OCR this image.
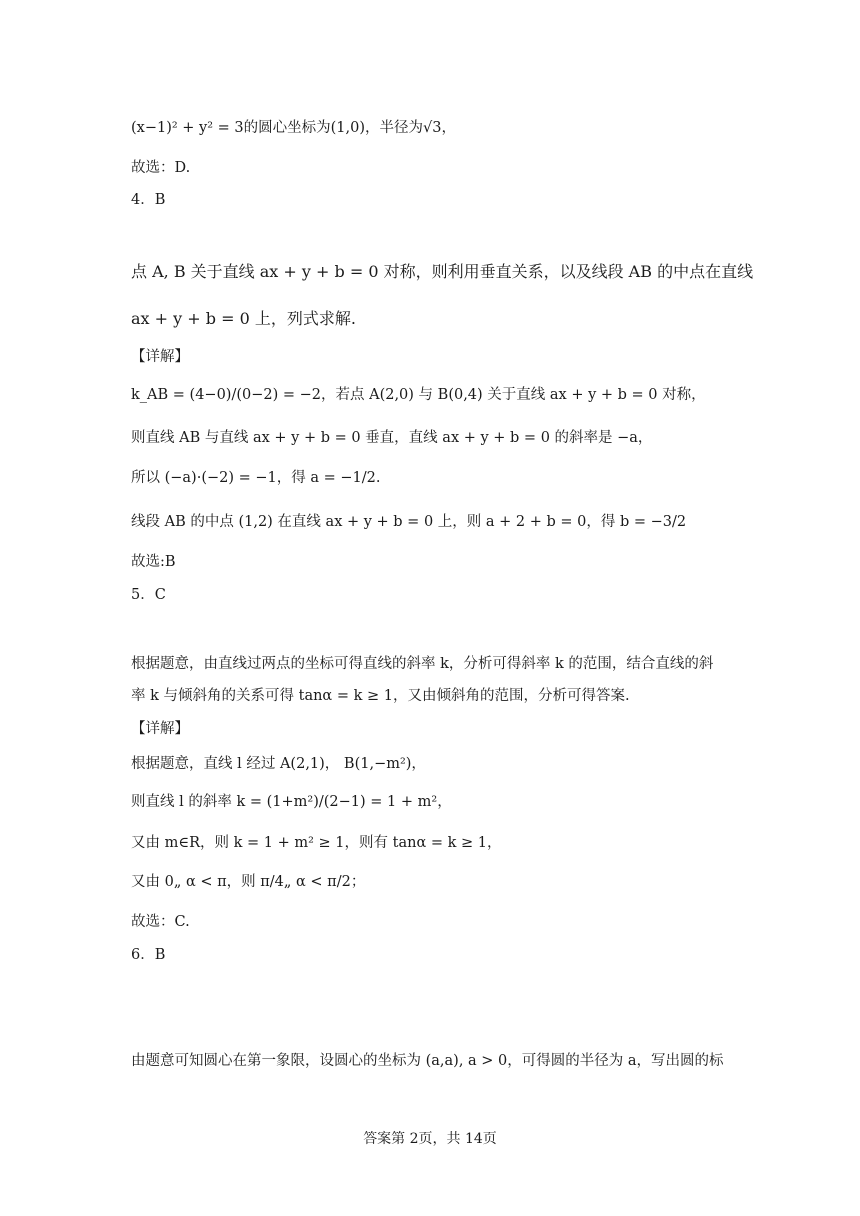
(x−1)² + y² = 3的圆心坐标为(1,0)，半径为√3，
故选：D.
4．B
点 A, B 关于直线 ax + y + b = 0 对称，则利用垂直关系，以及线段 AB 的中点在直线
ax + y + b = 0 上，列式求解.
【详解】
k_AB = (4−0)/(0−2) = −2，若点 A(2,0) 与 B(0,4) 关于直线 ax + y + b = 0 对称，
则直线 AB 与直线 ax + y + b = 0 垂直，直线 ax + y + b = 0 的斜率是 −a，
所以 (−a)·(−2) = −1，得 a = −1/2.
线段 AB 的中点 (1,2) 在直线 ax + y + b = 0 上，则 a + 2 + b = 0，得 b = −3/2
故选:B
5．C
根据题意，由直线过两点的坐标可得直线的斜率 k，分析可得斜率 k 的范围，结合直线的斜
率 k 与倾斜角的关系可得 tanα = k ≥ 1，又由倾斜角的范围，分析可得答案.
【详解】
根据题意，直线 l 经过 A(2,1)， B(1,−m²)，
则直线 l 的斜率 k = (1+m²)/(2−1) = 1 + m²，
又由 m∈R，则 k = 1 + m² ≥ 1，则有 tanα = k ≥ 1，
又由 0„ α < π，则 π/4„ α < π/2；
故选：C.
6．B
由题意可知圆心在第一象限，设圆心的坐标为 (a,a), a > 0，可得圆的半径为 a，写出圆的标
答案第 2页，共 14页
